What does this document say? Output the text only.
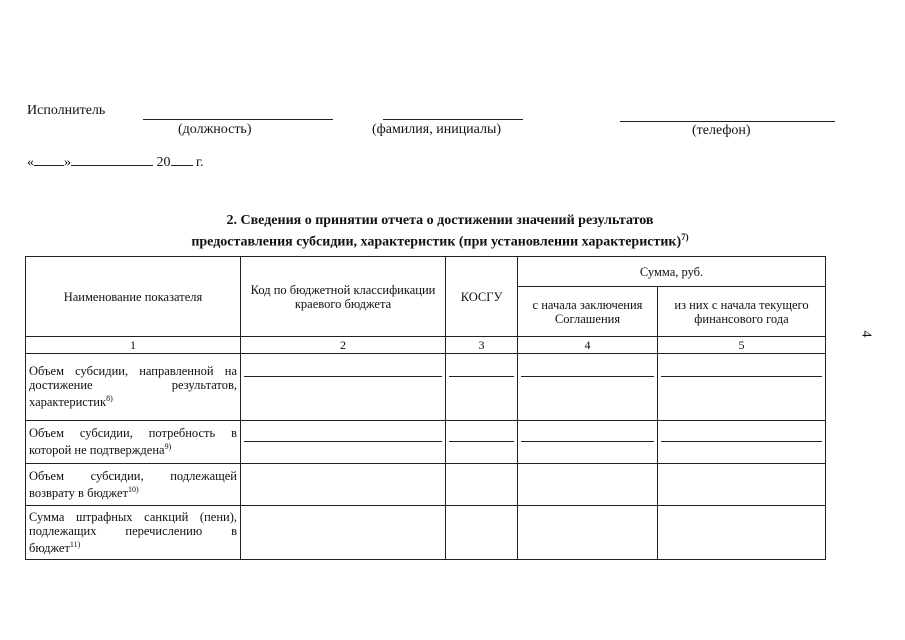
Исполнитель
(должность)	(фамилия, инициалы)	(телефон)
« »	20 г.
2. Сведения о принятии отчета о достижении значений результатов
предоставления субсидии, характеристик (при установлении характеристик)$^{7)}$
Наименование показателя	Код по бюджетной классификации краевого бюджета	КОСГУ	Сумма, руб.	
			с начала заключения Соглашения	из них с начала текущего финансового года
1	2	3	4	5
Объем субсидии, направленной на достижение результатов, характеристик$^{8)}$	

Объем субсидии, потребность в которой не подтверждена$^{9)}$	

Объем субсидии, подлежащей возврату в бюджет$^{10)}$				
Сумма штрафных санкций (пени), подлежащих перечислению в бюджет$^{11)}$				
4
